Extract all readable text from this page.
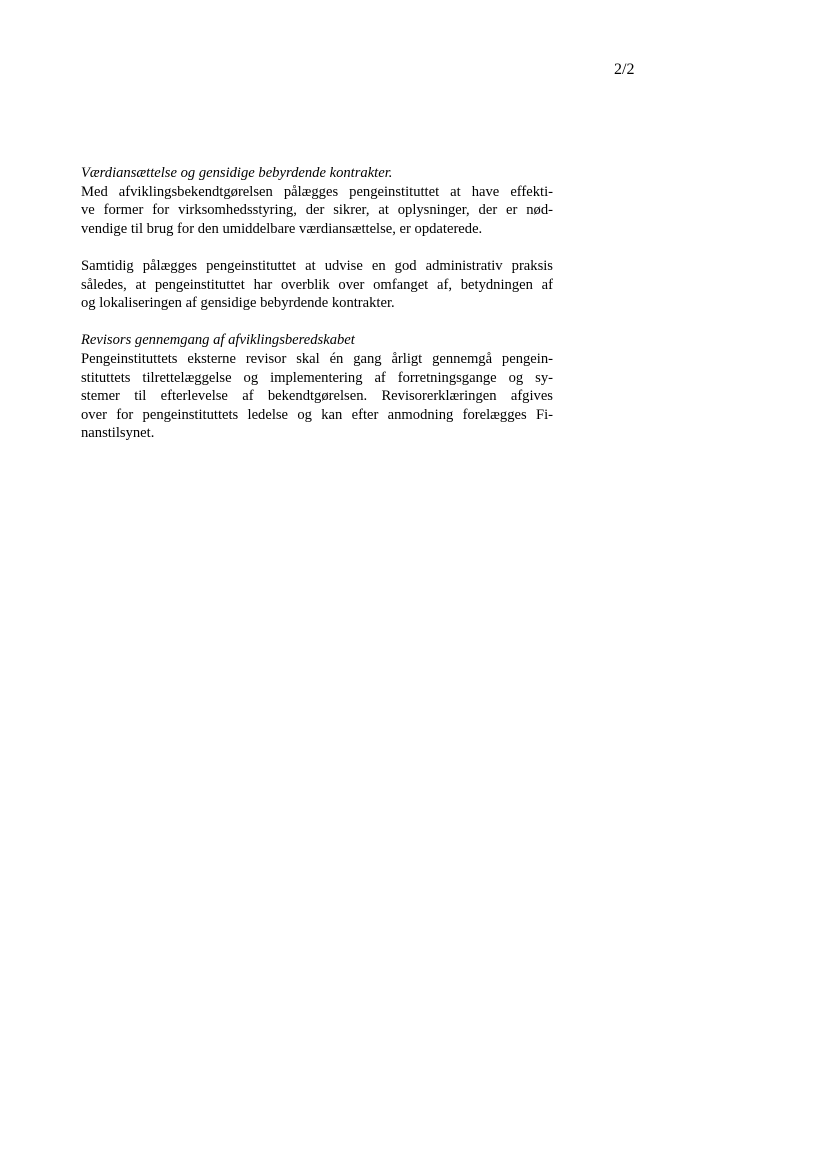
2/2

Værdiansættelse og gensidige bebyrdende kontrakter.

Med afviklingsbekendtgørelsen pålægges pengeinstituttet at have effekti-
ve former for virksomhedsstyring, der sikrer, at oplysninger, der er nød-
vendige til brug for den umiddelbare værdiansættelse, er opdaterede.

Samtidig pålægges pengeinstituttet at udvise en god administrativ praksis
således, at pengeinstituttet har overblik over omfanget af, betydningen af
og lokaliseringen af gensidige bebyrdende kontrakter.

Revisors gennemgang af afviklingsberedskabet

Pengeinstituttets eksterne revisor skal én gang årligt gennemgå pengein-
stituttets tilrettelæggelse og implementering af forretningsgange og sy-
stemer til efterlevelse af bekendtgørelsen. Revisorerklæringen afgives
over for pengeinstituttets ledelse og kan efter anmodning forelægges Fi-
nanstilsynet.
